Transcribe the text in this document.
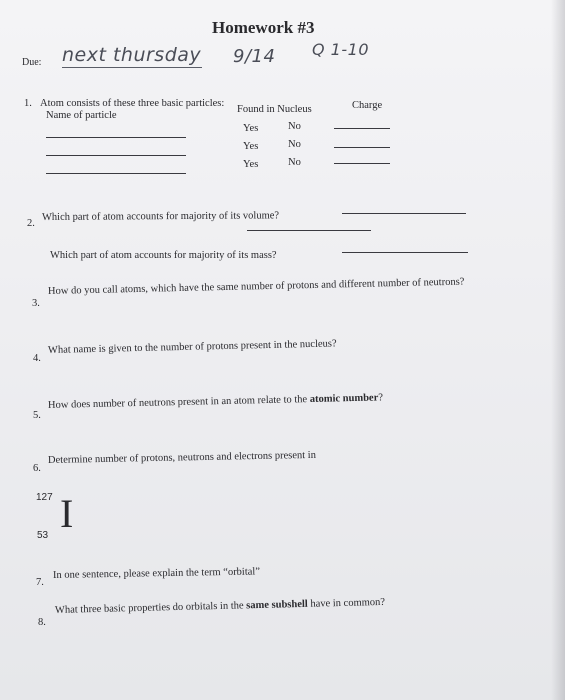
Homework #3
Due: next thursday 9/14 Q 1-10
1. Atom consists of these three basic particles:
Name of particle
Found in Nucleus	Charge
Yes	No
Yes	No
Yes	No
2.
Which part of atom accounts for majority of its volume?
Which part of atom accounts for majority of its mass?
3.
How do you call atoms, which have the same number of protons and different number of neutrons?
4.
What name is given to the number of protons present in the nucleus?
5.
How does number of neutrons present in an atom relate to the atomic number?
6.
Determine number of protons, neutrons and electrons present in
127 I
53
7.
In one sentence, please explain the term “orbital”
8.
What three basic properties do orbitals in the same subshell have in common?
